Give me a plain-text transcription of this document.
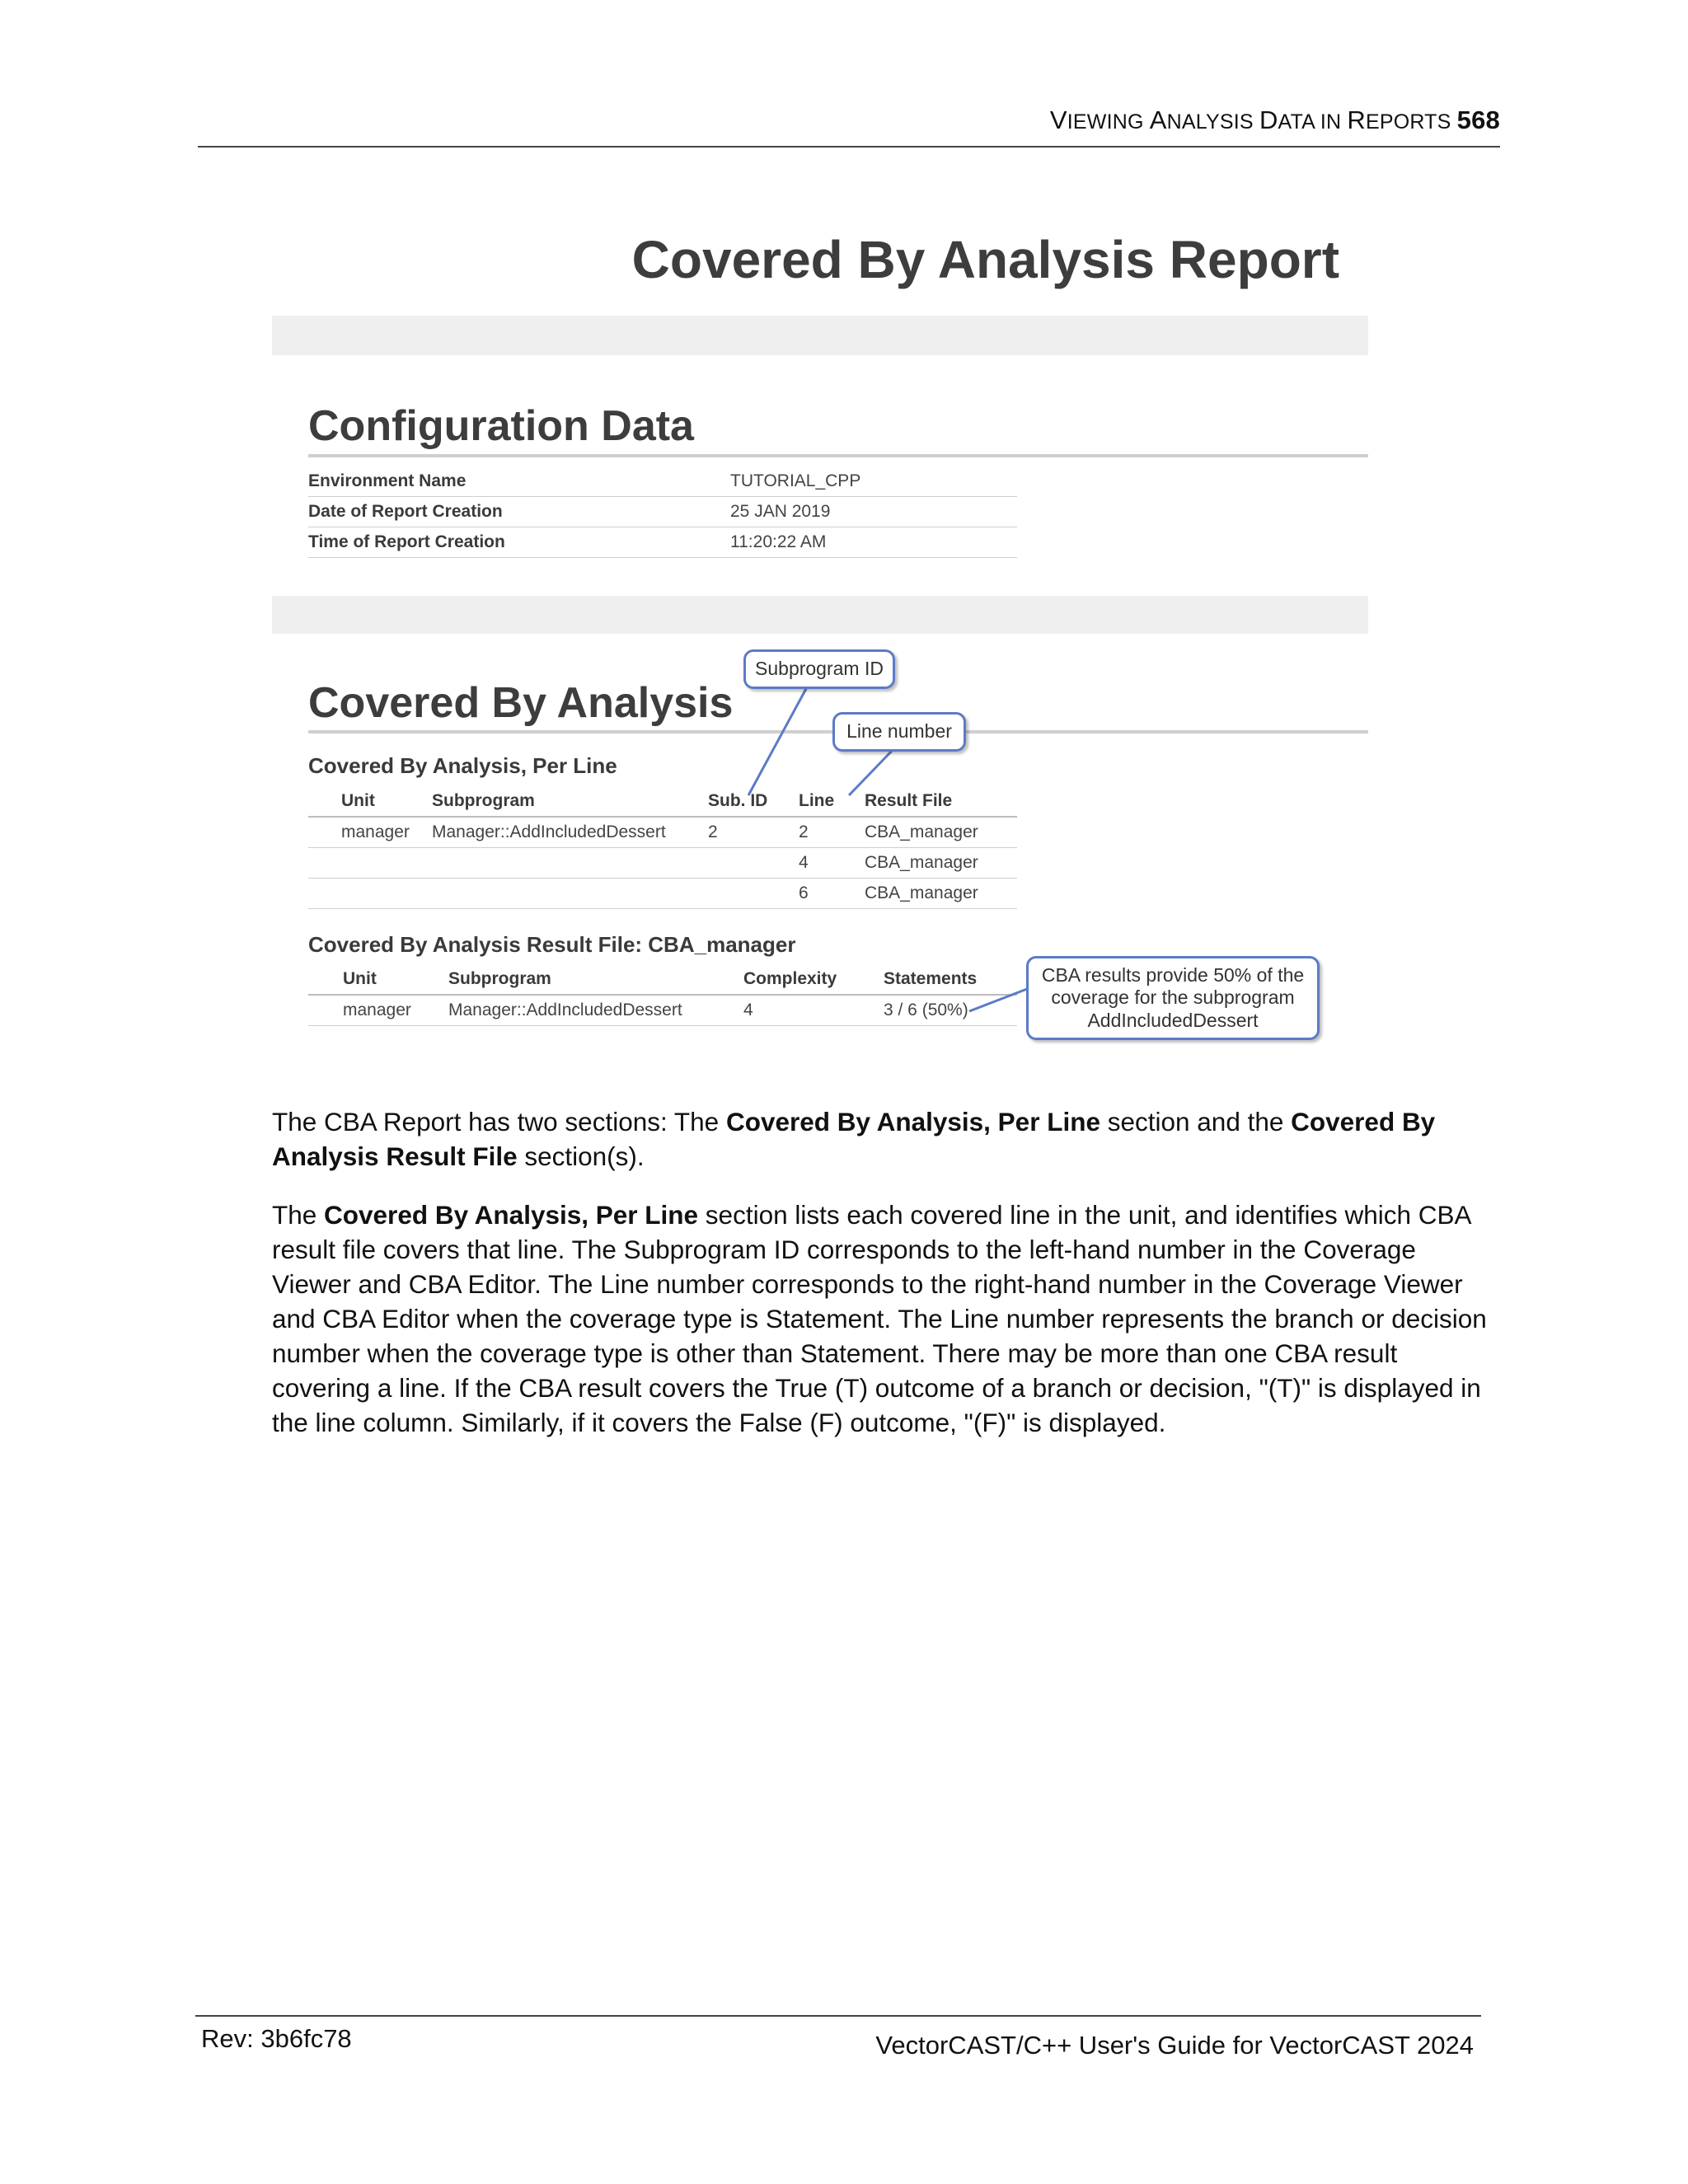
VIEWING ANALYSIS DATA IN REPORTS 568
Covered By Analysis Report
Configuration Data
Environment Name	TUTORIAL_CPP
Date of Report Creation	25 JAN 2019
Time of Report Creation	11:20:22 AM
Covered By Analysis
Covered By Analysis, Per Line
	Unit	Subprogram	Sub. ID	Line	Result File
	manager	Manager::AddIncludedDessert	2	2	CBA_manager
				4	CBA_manager
				6	CBA_manager
Covered By Analysis Result File: CBA_manager
	Unit	Subprogram	Complexity	Statements
	manager	Manager::AddIncludedDessert	4	3 / 6 (50%)
Subprogram ID
Line number
CBA results provide 50% of the
coverage for the subprogram
AddIncludedDessert

The CBA Report has two sections: The Covered By Analysis, Per Line section and the Covered By Analysis Result File section(s).

The Covered By Analysis, Per Line section lists each covered line in the unit, and identifies which CBA result file covers that line. The Subprogram ID corresponds to the left-hand number in the Coverage Viewer and CBA Editor. The Line number corresponds to the right-hand number in the Coverage Viewer and CBA Editor when the coverage type is Statement. The Line number represents the branch or decision number when the coverage type is other than Statement. There may be more than one CBA result covering a line. If the CBA result covers the True (T) outcome of a branch or decision, "(T)" is displayed in the line column. Similarly, if it covers the False (F) outcome, "(F)" is displayed.

Rev: 3b6fc78	VectorCAST/C++ User's Guide for VectorCAST 2024
